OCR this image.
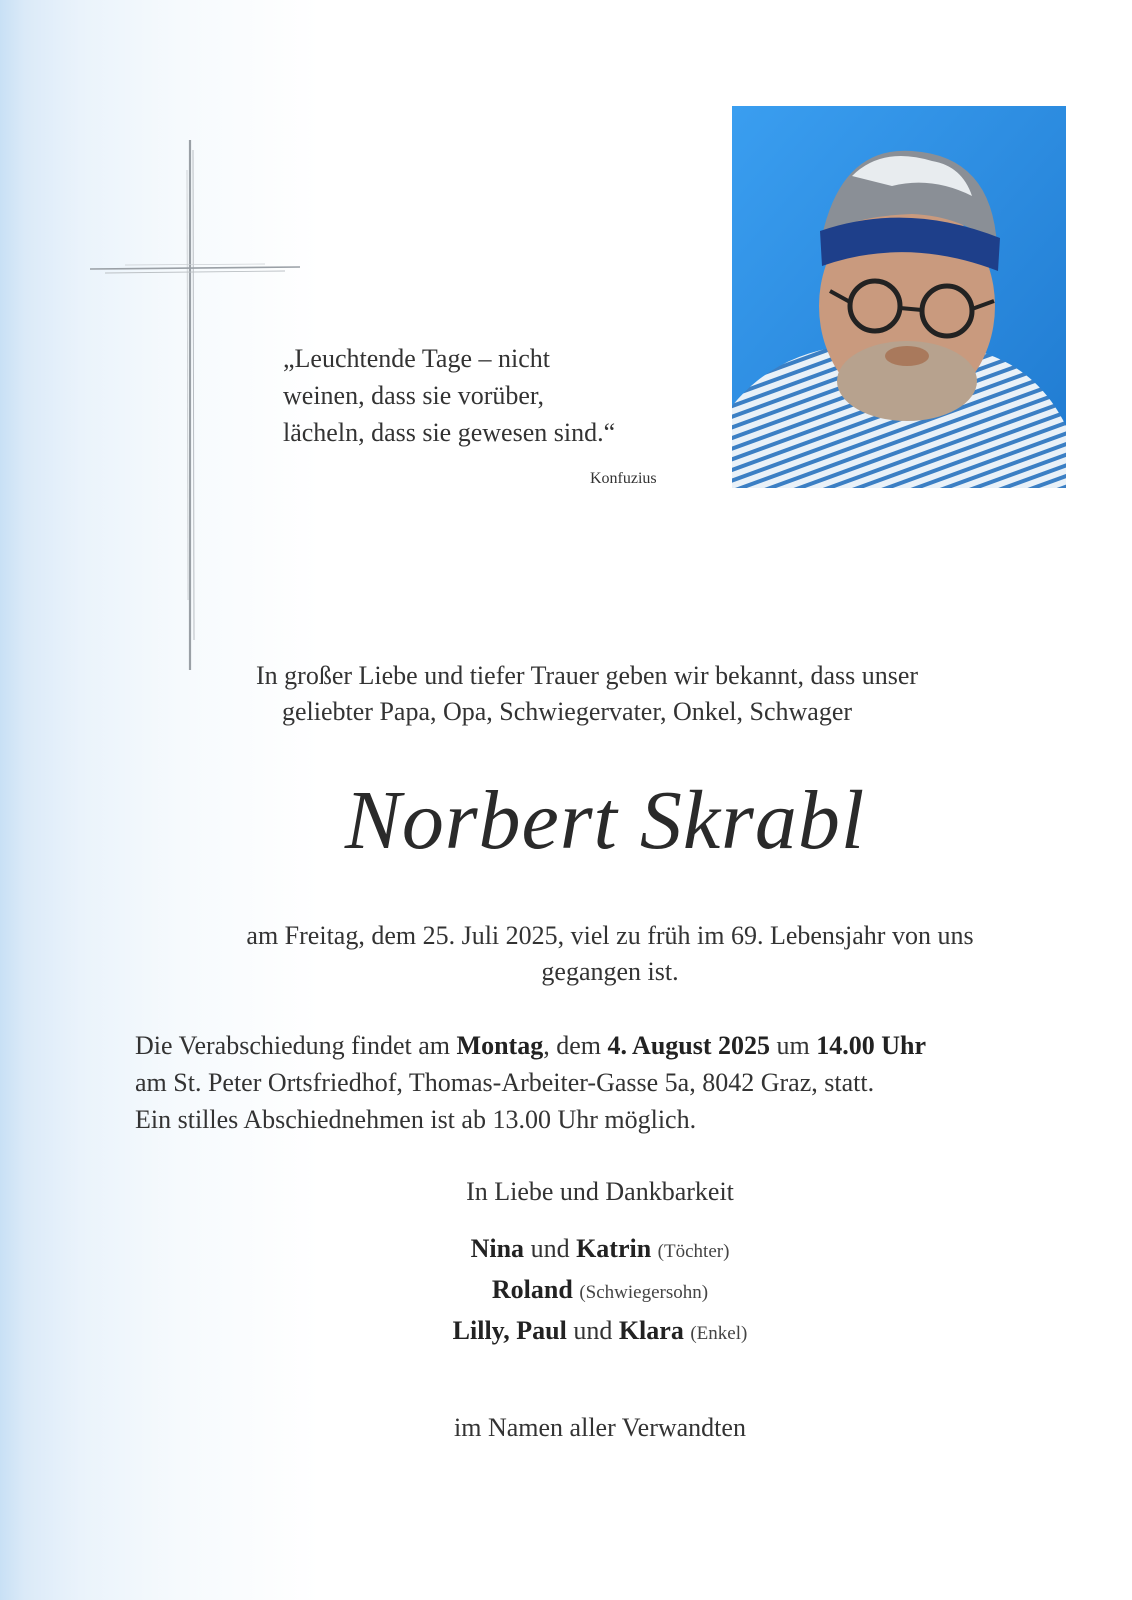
„Leuchtende Tage – nicht
weinen, dass sie vorüber,
lächeln, dass sie gewesen sind.“
Konfuzius
In großer Liebe und tiefer Trauer geben wir bekannt, dass unser
geliebter Papa, Opa, Schwiegervater, Onkel, Schwager
Norbert Skrabl
am Freitag, dem 25. Juli 2025, viel zu früh im 69. Lebensjahr von uns
gegangen ist.
Die Verabschiedung findet am Montag, dem 4. August 2025 um 14.00 Uhr
am St. Peter Ortsfriedhof, Thomas-Arbeiter-Gasse 5a, 8042 Graz, statt.
Ein stilles Abschiednehmen ist ab 13.00 Uhr möglich.
In Liebe und Dankbarkeit
Nina und Katrin (Töchter)
Roland (Schwiegersohn)
Lilly, Paul und Klara (Enkel)
im Namen aller Verwandten
